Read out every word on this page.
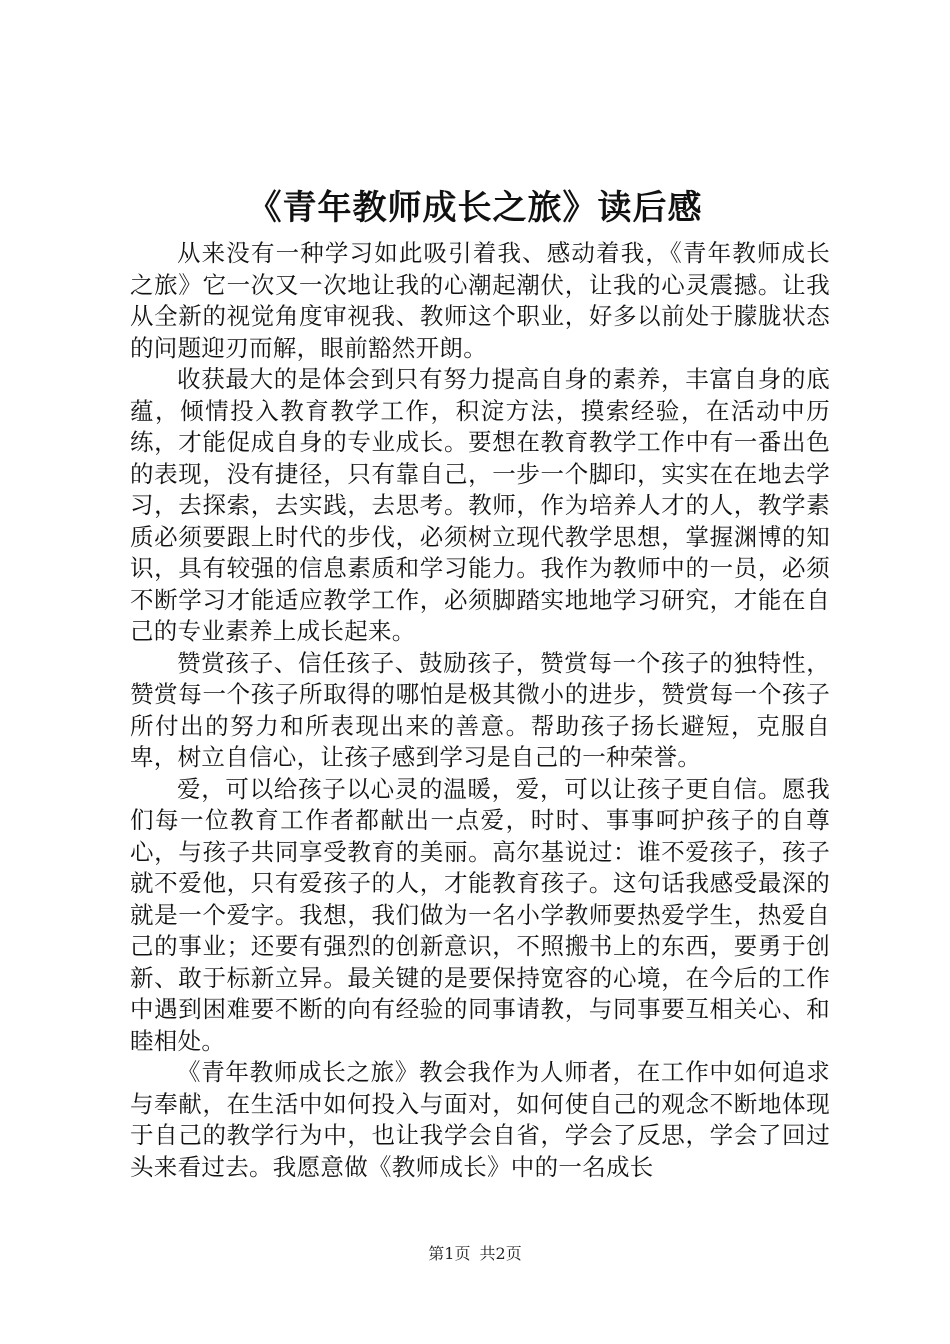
《青年教师成长之旅》读后感

从来没有一种学习如此吸引着我、感动着我，《青年教师成长之旅》它一次又一次地让我的心潮起潮伏，让我的心灵震撼。让我从全新的视觉角度审视我、教师这个职业，好多以前处于朦胧状态的问题迎刃而解，眼前豁然开朗。

收获最大的是体会到只有努力提高自身的素养，丰富自身的底蕴，倾情投入教育教学工作，积淀方法，摸索经验，在活动中历练，才能促成自身的专业成长。要想在教育教学工作中有一番出色的表现，没有捷径，只有靠自己，一步一个脚印，实实在在地去学习，去探索，去实践，去思考。教师，作为培养人才的人，教学素质必须要跟上时代的步伐，必须树立现代教学思想，掌握渊博的知识，具有较强的信息素质和学习能力。我作为教师中的一员，必须不断学习才能适应教学工作，必须脚踏实地地学习研究，才能在自己的专业素养上成长起来。

赞赏孩子、信任孩子、鼓励孩子，赞赏每一个孩子的独特性，赞赏每一个孩子所取得的哪怕是极其微小的进步，赞赏每一个孩子所付出的努力和所表现出来的善意。帮助孩子扬长避短，克服自卑，树立自信心，让孩子感到学习是自己的一种荣誉。

爱，可以给孩子以心灵的温暖，爱，可以让孩子更自信。愿我们每一位教育工作者都献出一点爱，时时、事事呵护孩子的自尊心，与孩子共同享受教育的美丽。高尔基说过：谁不爱孩子，孩子就不爱他，只有爱孩子的人，才能教育孩子。这句话我感受最深的就是一个爱字。我想，我们做为一名小学教师要热爱学生，热爱自己的事业；还要有强烈的创新意识，不照搬书上的东西，要勇于创新、敢于标新立异。最关键的是要保持宽容的心境，在今后的工作中遇到困难要不断的向有经验的同事请教，与同事要互相关心、和睦相处。

《青年教师成长之旅》教会我作为人师者，在工作中如何追求与奉献，在生活中如何投入与面对，如何使自己的观念不断地体现于自己的教学行为中，也让我学会自省，学会了反思，学会了回过头来看过去。我愿意做《教师成长》中的一名成长

第1页 共2页
